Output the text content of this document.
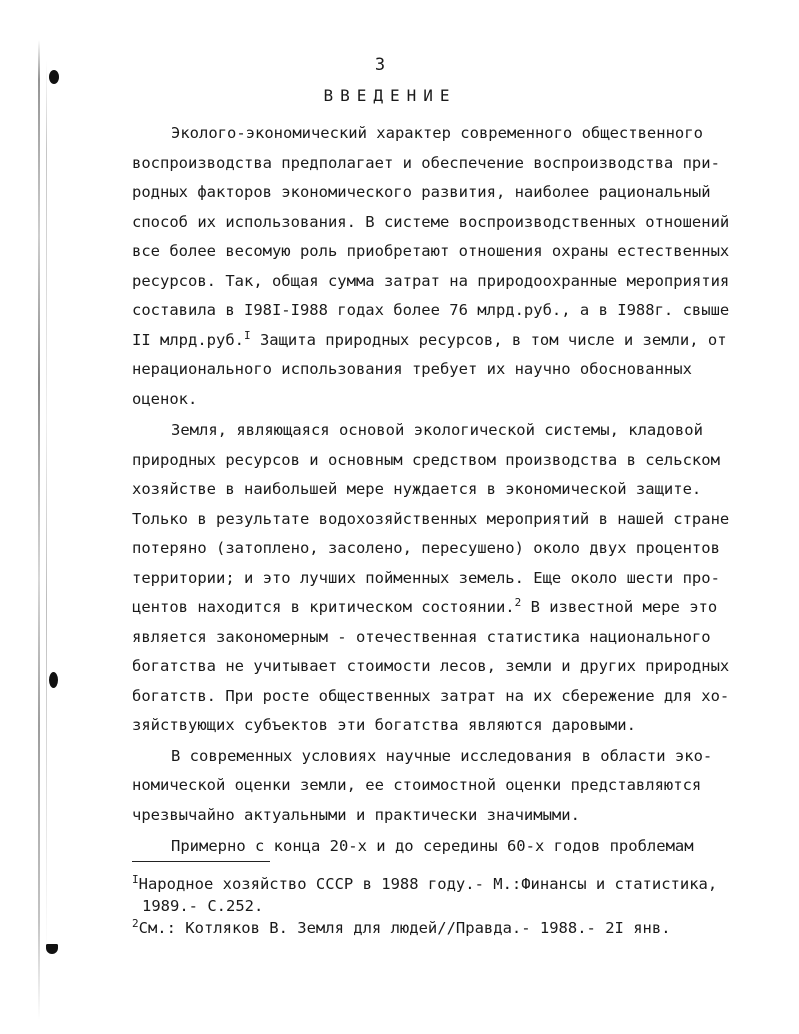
3
ВВЕДЕНИЕ
Эколого-экономический характер современного общественного
воспроизводства предполагает и обеспечение воспроизводства при-
родных факторов экономического развития, наиболее рациональный
способ их использования. В системе воспроизводственных отношений
все более весомую роль приобретают отношения охраны естественных
ресурсов. Так, общая сумма затрат на природоохранные мероприятия
составила в I98I-I988 годах более 76 млрд.руб., а в I988г. свыше
II млрд.руб.$^I$ Защита природных ресурсов, в том числе и земли, от
нерационального использования требует их научно обоснованных
оценок.
Земля, являющаяся основой экологической системы, кладовой
природных ресурсов и основным средством производства в сельском
хозяйстве в наибольшей мере нуждается в экономической защите.
Только в результате водохозяйственных мероприятий в нашей стране
потеряно (затоплено, засолено, пересушено) около двух процентов
территории; и это лучших пойменных земель. Еще около шести про-
центов находится в критическом состоянии.$^2$ В известной мере это
является закономерным - отечественная статистика национального
богатства не учитывает стоимости лесов, земли и других природных
богатств. При росте общественных затрат на их сбережение для хо-
зяйствующих субъектов эти богатства являются даровыми.
В современных условиях научные исследования в области эко-
номической оценки земли, ее стоимостной оценки представляются
чрезвычайно актуальными и практически значимыми.
Примерно с конца 20-х и до середины 60-х годов проблемам
$^I$Народное хозяйство СССР в 1988 году.- М.:Финансы и статистика,
1989.- С.252.
$^2$См.: Котляков В. Земля для людей//Правда.- 1988.- 2I янв.
